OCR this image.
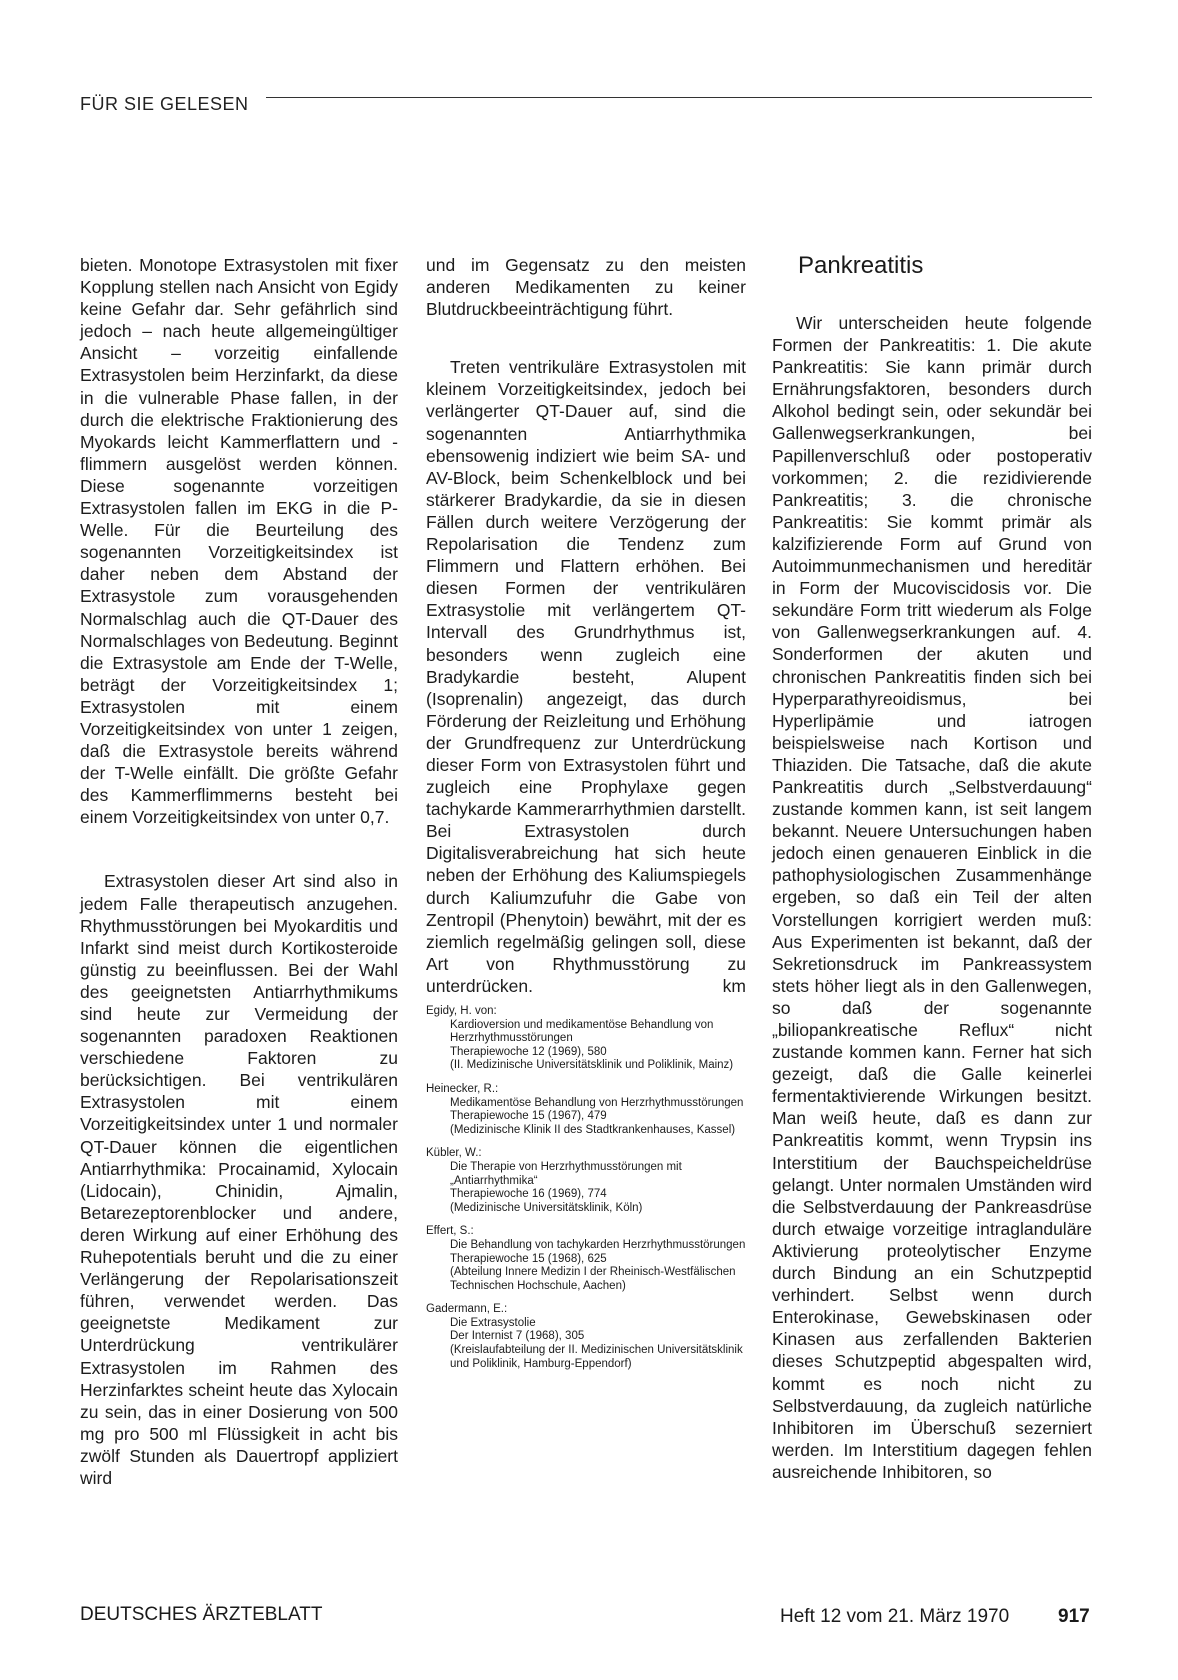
FÜR SIE GELESEN

bieten. Monotope Extrasystolen mit fixer Kopplung stellen nach Ansicht von Egidy keine Gefahr dar. Sehr gefährlich sind jedoch – nach heute allgemeingültiger Ansicht – vorzeitig einfallende Extrasystolen beim Herzinfarkt, da diese in die vulnerable Phase fallen, in der durch die elektrische Fraktionierung des Myokards leicht Kammerflattern und -flimmern ausgelöst werden können. Diese sogenannte vorzeitigen Extrasystolen fallen im EKG in die P-Welle. Für die Beurteilung des sogenannten Vorzeitigkeitsindex ist daher neben dem Abstand der Extrasystole zum vorausgehenden Normalschlag auch die QT-Dauer des Normalschlages von Bedeutung. Beginnt die Extrasystole am Ende der T-Welle, beträgt der Vorzeitigkeitsindex 1; Extrasystolen mit einem Vorzeitigkeitsindex von unter 1 zeigen, daß die Extrasystole bereits während der T-Welle einfällt. Die größte Gefahr des Kammerflimmerns besteht bei einem Vorzeitigkeitsindex von unter 0,7.

Extrasystolen dieser Art sind also in jedem Falle therapeutisch anzugehen. Rhythmusstörungen bei Myokarditis und Infarkt sind meist durch Kortikosteroide günstig zu beeinflussen. Bei der Wahl des geeignetsten Antiarrhythmikums sind heute zur Vermeidung der sogenannten paradoxen Reaktionen verschiedene Faktoren zu berücksichtigen. Bei ventrikulären Extrasystolen mit einem Vorzeitigkeitsindex unter 1 und normaler QT-Dauer können die eigentlichen Antiarrhythmika: Procainamid, Xylocain (Lidocain), Chinidin, Ajmalin, Betarezeptorenblocker und andere, deren Wirkung auf einer Erhöhung des Ruhepotentials beruht und die zu einer Verlängerung der Repolarisationszeit führen, verwendet werden. Das geeignetste Medikament zur Unterdrückung ventrikulärer Extrasystolen im Rahmen des Herzinfarktes scheint heute das Xylocain zu sein, das in einer Dosierung von 500 mg pro 500 ml Flüssigkeit in acht bis zwölf Stunden als Dauertropf appliziert wird

und im Gegensatz zu den meisten anderen Medikamenten zu keiner Blutdruckbeeinträchtigung führt.

Treten ventrikuläre Extrasystolen mit kleinem Vorzeitigkeitsindex, jedoch bei verlängerter QT-Dauer auf, sind die sogenannten Antiarrhythmika ebensowenig indiziert wie beim SA- und AV-Block, beim Schenkelblock und bei stärkerer Bradykardie, da sie in diesen Fällen durch weitere Verzögerung der Repolarisation die Tendenz zum Flimmern und Flattern erhöhen. Bei diesen Formen der ventrikulären Extrasystolie mit verlängertem QT-Intervall des Grundrhythmus ist, besonders wenn zugleich eine Bradykardie besteht, Alupent (Isoprenalin) angezeigt, das durch Förderung der Reizleitung und Erhöhung der Grundfrequenz zur Unterdrückung dieser Form von Extrasystolen führt und zugleich eine Prophylaxe gegen tachykarde Kammerarrhythmien darstellt. Bei Extrasystolen durch Digitalisverabreichung hat sich heute neben der Erhöhung des Kaliumspiegels durch Kaliumzufuhr die Gabe von Zentropil (Phenytoin) bewährt, mit der es ziemlich regelmäßig gelingen soll, diese Art von Rhythmusstörung zu unterdrücken.	km

Egidy, H. von:
Kardioversion und medikamentöse Behandlung von Herzrhythmusstörungen
Therapiewoche 12 (1969), 580
(II. Medizinische Universitätsklinik und Poliklinik, Mainz)
Heinecker, R.:
Medikamentöse Behandlung von Herzrhythmusstörungen
Therapiewoche 15 (1967), 479
(Medizinische Klinik II des Stadtkrankenhauses, Kassel)
Kübler, W.:
Die Therapie von Herzrhythmusstörungen mit „Antiarrhythmika“
Therapiewoche 16 (1969), 774
(Medizinische Universitätsklinik, Köln)
Effert, S.:
Die Behandlung von tachykarden Herzrhythmusstörungen
Therapiewoche 15 (1968), 625
(Abteilung Innere Medizin I der Rheinisch-Westfälischen Technischen Hochschule, Aachen)
Gadermann, E.:
Die Extrasystolie
Der Internist 7 (1968), 305
(Kreislaufabteilung der II. Medizinischen Universitätsklinik und Poliklinik, Hamburg-Eppendorf)
Pankreatitis

Wir unterscheiden heute folgende Formen der Pankreatitis: 1. Die akute Pankreatitis: Sie kann primär durch Ernährungsfaktoren, besonders durch Alkohol bedingt sein, oder sekundär bei Gallenwegserkrankungen, bei Papillenverschluß oder postoperativ vorkommen; 2. die rezidivierende Pankreatitis; 3. die chronische Pankreatitis: Sie kommt primär als kalzifizierende Form auf Grund von Autoimmunmechanismen und hereditär in Form der Mucoviscidosis vor. Die sekundäre Form tritt wiederum als Folge von Gallenwegserkrankungen auf. 4. Sonderformen der akuten und chronischen Pankreatitis finden sich bei Hyperparathyreoidismus, bei Hyperlipämie und iatrogen beispielsweise nach Kortison und Thiaziden. Die Tatsache, daß die akute Pankreatitis durch „Selbstverdauung“ zustande kommen kann, ist seit langem bekannt. Neuere Untersuchungen haben jedoch einen genaueren Einblick in die pathophysiologischen Zusammenhänge ergeben, so daß ein Teil der alten Vorstellungen korrigiert werden muß: Aus Experimenten ist bekannt, daß der Sekretionsdruck im Pankreassystem stets höher liegt als in den Gallenwegen, so daß der sogenannte „biliopankreatische Reflux“ nicht zustande kommen kann. Ferner hat sich gezeigt, daß die Galle keinerlei fermentaktivierende Wirkungen besitzt. Man weiß heute, daß es dann zur Pankreatitis kommt, wenn Trypsin ins Interstitium der Bauchspeicheldrüse gelangt. Unter normalen Umständen wird die Selbstverdauung der Pankreasdrüse durch etwaige vorzeitige intraglanduläre Aktivierung proteolytischer Enzyme durch Bindung an ein Schutzpeptid verhindert. Selbst wenn durch Enterokinase, Gewebskinasen oder Kinasen aus zerfallenden Bakterien dieses Schutzpeptid abgespalten wird, kommt es noch nicht zu Selbstverdauung, da zugleich natürliche Inhibitoren im Überschuß sezerniert werden. Im Interstitium dagegen fehlen ausreichende Inhibitoren, so

DEUTSCHES ÄRZTEBLATT	Heft 12 vom 21. März 1970	917
